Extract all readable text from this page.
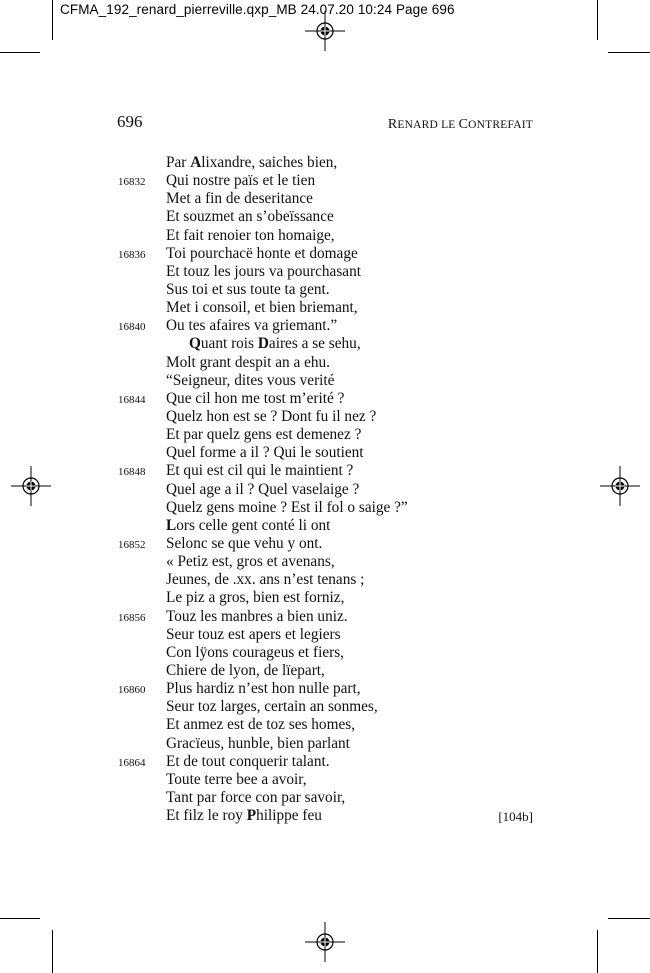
CFMA_192_renard_pierreville.qxp_MB 24.07.20 10:24 Page 696
696	RENARD LE CONTREFAIT
Par Alixandre, saiches bien,
16832 Qui nostre païs et le tien
Met a fin de deseritance
Et souzmet an s’obeïssance
Et fait renoier ton homaige,
16836 Toi pourchacë honte et domage
Et touz les jours va pourchasant
Sus toi et sus toute ta gent.
Met i consoil, et bien briemant,
16840 Ou tes afaires va griemant.”
Quant rois Daires a se sehu,
Molt grant despit an a ehu.
“Seigneur, dites vous verité
16844 Que cil hon me tost m’erité ?
Quelz hon est se ? Dont fu il nez ?
Et par quelz gens est demenez ?
Quel forme a il ? Qui le soutient
16848 Et qui est cil qui le maintient ?
Quel age a il ? Quel vaselaige ?
Quelz gens moine ? Est il fol o saige ?”
Lors celle gent conté li ont
16852 Selonc se que vehu y ont.
« Petiz est, gros et avenans,
Jeunes, de .xx. ans n’est tenans ;
Le piz a gros, bien est forniz,
16856 Touz les manbres a bien uniz.
Seur touz est apers et legiers
Con lÿons courageus et fiers,
Chiere de lyon, de lïepart,
16860 Plus hardiz n’est hon nulle part,
Seur toz larges, certain an sonmes,
Et anmez est de toz ses homes,
Gracïeus, hunble, bien parlant
16864 Et de tout conquerir talant.
Toute terre bee a avoir,
Tant par force con par savoir,
Et filz le roy Philippe feu	[104b]
